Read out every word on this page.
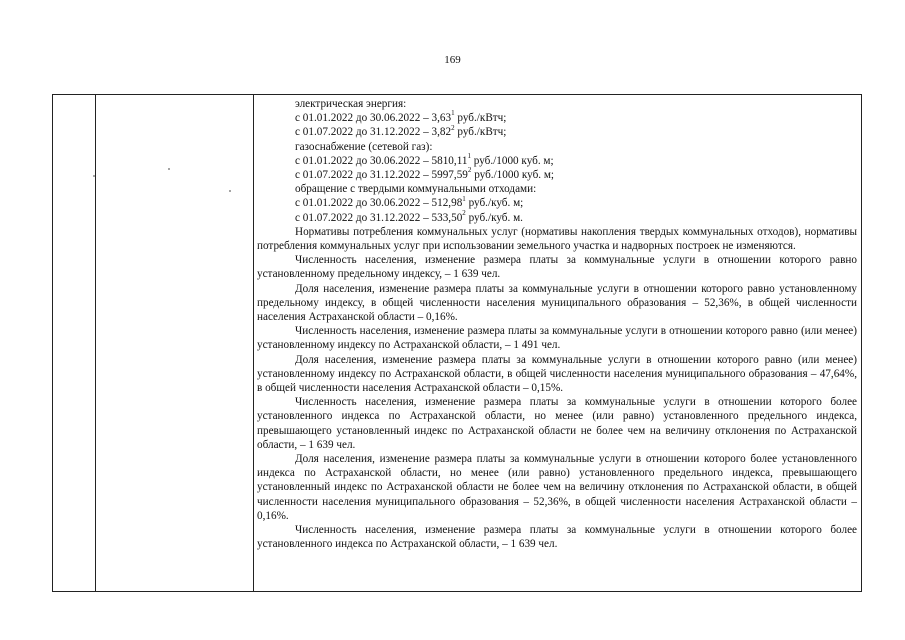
169
электрическая энергия:
с 01.01.2022 до 30.06.2022 – 3,63$^1$ руб./кВтч;
с 01.07.2022 до 31.12.2022 – 3,82$^2$ руб./кВтч;
газоснабжение (сетевой газ):
с 01.01.2022 до 30.06.2022 – 5810,11$^1$ руб./1000 куб. м;
с 01.07.2022 до 31.12.2022 – 5997,59$^2$ руб./1000 куб. м;
обращение с твердыми коммунальными отходами:
с 01.01.2022 до 30.06.2022 – 512,98$^1$ руб./куб. м;
с 01.07.2022 до 31.12.2022 – 533,50$^2$ руб./куб. м.
Нормативы потребления коммунальных услуг (нормативы накопления твердых коммунальных отходов), нормативы потребления коммунальных услуг при использовании земельного участка и надворных построек не изменяются.
Численность населения, изменение размера платы за коммунальные услуги в отношении которого равно установленному предельному индексу, – 1 639 чел.
Доля населения, изменение размера платы за коммунальные услуги в отношении которого равно установленному предельному индексу, в общей численности населения муниципального образования – 52,36%, в общей численности населения Астраханской области – 0,16%.
Численность населения, изменение размера платы за коммунальные услуги в отношении которого равно (или менее) установленному индексу по Астраханской области, – 1 491 чел.
Доля населения, изменение размера платы за коммунальные услуги в отношении которого равно (или менее) установленному индексу по Астраханской области, в общей численности населения муниципального образования – 47,64%, в общей численности населения Астраханской области – 0,15%.
Численность населения, изменение размера платы за коммунальные услуги в отношении которого более установленного индекса по Астраханской области, но менее (или равно) установленного предельного индекса, превышающего установленный индекс по Астраханской области не более чем на величину отклонения по Астраханской области, – 1 639 чел.
Доля населения, изменение размера платы за коммунальные услуги в отношении которого более установленного индекса по Астраханской области, но менее (или равно) установленного предельного индекса, превышающего установленный индекс по Астраханской области не более чем на величину отклонения по Астраханской области, в общей численности населения муниципального образования – 52,36%, в общей численности населения Астраханской области – 0,16%.
Численность населения, изменение размера платы за коммунальные услуги в отношении которого более установленного индекса по Астраханской области, – 1 639 чел.
